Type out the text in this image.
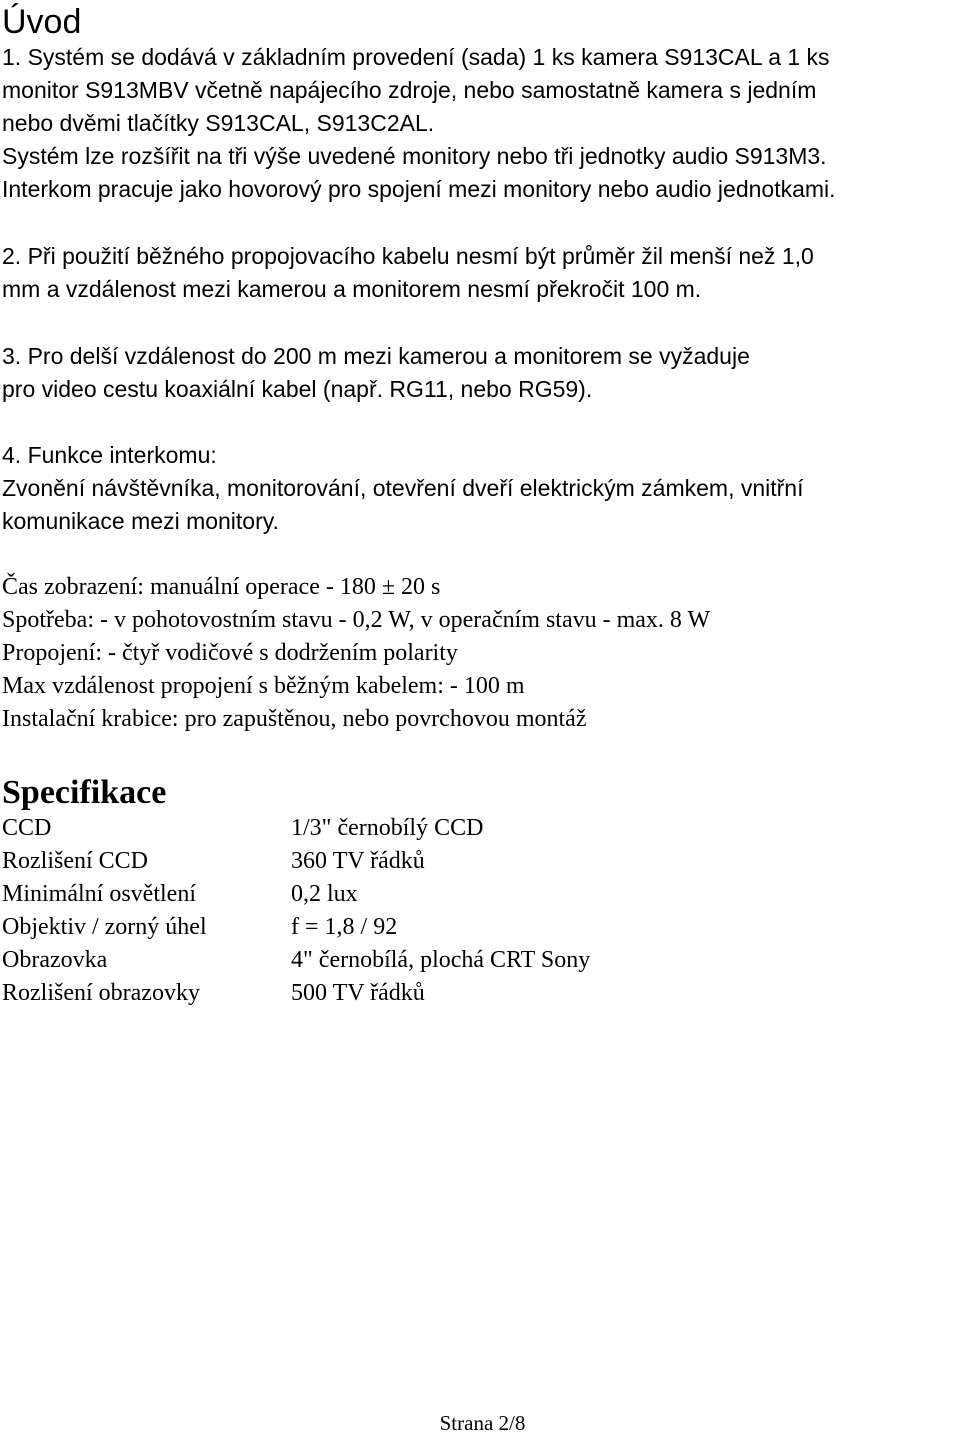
Úvod

1. Systém se dodává v základním provedení (sada) 1 ks kamera S913CAL a 1 ks

monitor S913MBV včetně napájecího zdroje, nebo samostatně kamera s jedním

nebo dvěmi tlačítky S913CAL, S913C2AL.

Systém lze rozšířit na tři výše uvedené monitory nebo tři jednotky audio S913M3.

Interkom pracuje jako hovorový pro spojení mezi monitory nebo audio jednotkami.

2. Při použití běžného propojovacího kabelu nesmí být průměr žil menší než 1,0

mm a vzdálenost mezi kamerou a monitorem nesmí překročit 100 m.

3. Pro delší vzdálenost do 200 m mezi kamerou a monitorem se vyžaduje

pro video cestu koaxiální kabel (např. RG11, nebo RG59).

4. Funkce interkomu:

Zvonění návštěvníka, monitorování, otevření dveří elektrickým zámkem, vnitřní

komunikace mezi monitory.

Čas zobrazení: manuální operace - 180 ± 20 s

Spotřeba: - v pohotovostním stavu - 0,2 W, v operačním stavu - max. 8 W

Propojení: - čtyř vodičové s dodržením polarity

Max vzdálenost propojení s běžným kabelem: - 100 m

Instalační krabice: pro zapuštěnou, nebo povrchovou montáž

Specifikace
CCD	1/3" černobílý CCD
Rozlišení CCD	360 TV řádků
Minimální osvětlení	0,2 lux
Objektiv / zorný úhel	f = 1,8 / 92
Obrazovka	4" černobílá, plochá CRT Sony
Rozlišení obrazovky	500 TV řádků

Strana 2/8
